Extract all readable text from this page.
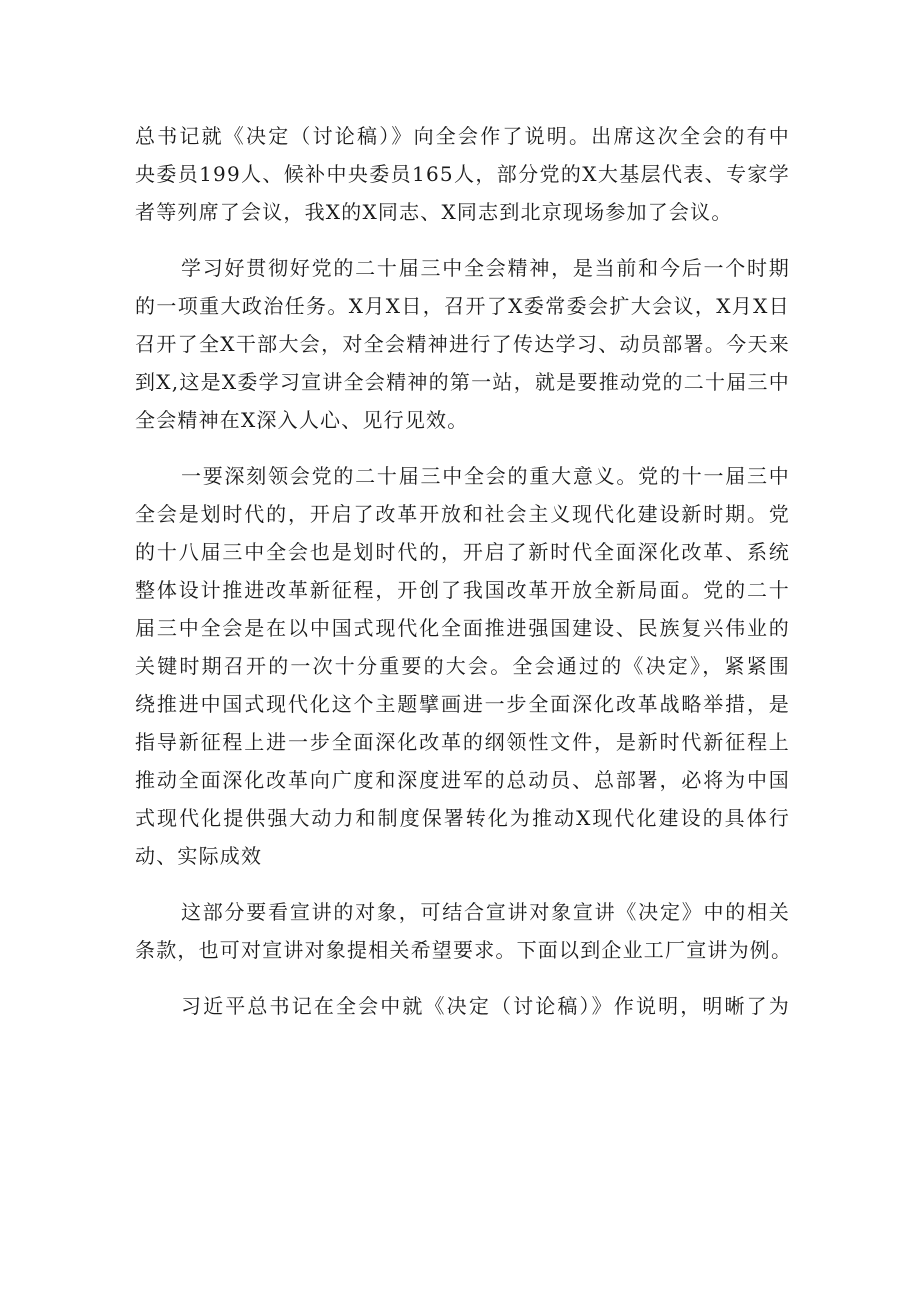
总书记就《决定（讨论稿）》向全会作了说明。出席这次全会的有中

央委员199人、候补中央委员165人，部分党的X大基层代表、专家学

者等列席了会议，我X的X同志、X同志到北京现场参加了会议。

学习好贯彻好党的二十届三中全会精神，是当前和今后一个时期

的一项重大政治任务。X月X日，召开了X委常委会扩大会议，X月X日

召开了全X干部大会，对全会精神进行了传达学习、动员部署。今天来

到X,这是X委学习宣讲全会精神的第一站，就是要推动党的二十届三中

全会精神在X深入人心、见行见效。

一要深刻领会党的二十届三中全会的重大意义。党的十一届三中

全会是划时代的，开启了改革开放和社会主义现代化建设新时期。党

的十八届三中全会也是划时代的，开启了新时代全面深化改革、系统

整体设计推进改革新征程，开创了我国改革开放全新局面。党的二十

届三中全会是在以中国式现代化全面推进强国建设、民族复兴伟业的

关键时期召开的一次十分重要的大会。全会通过的《决定》，紧紧围

绕推进中国式现代化这个主题擘画进一步全面深化改革战略举措，是

指导新征程上进一步全面深化改革的纲领性文件，是新时代新征程上

推动全面深化改革向广度和深度进军的总动员、总部署，必将为中国

式现代化提供强大动力和制度保署转化为推动X现代化建设的具体行

动、实际成效

这部分要看宣讲的对象，可结合宣讲对象宣讲《决定》中的相关

条款，也可对宣讲对象提相关希望要求。下面以到企业工厂宣讲为例。

习近平总书记在全会中就《决定（讨论稿）》作说明，明晰了为
